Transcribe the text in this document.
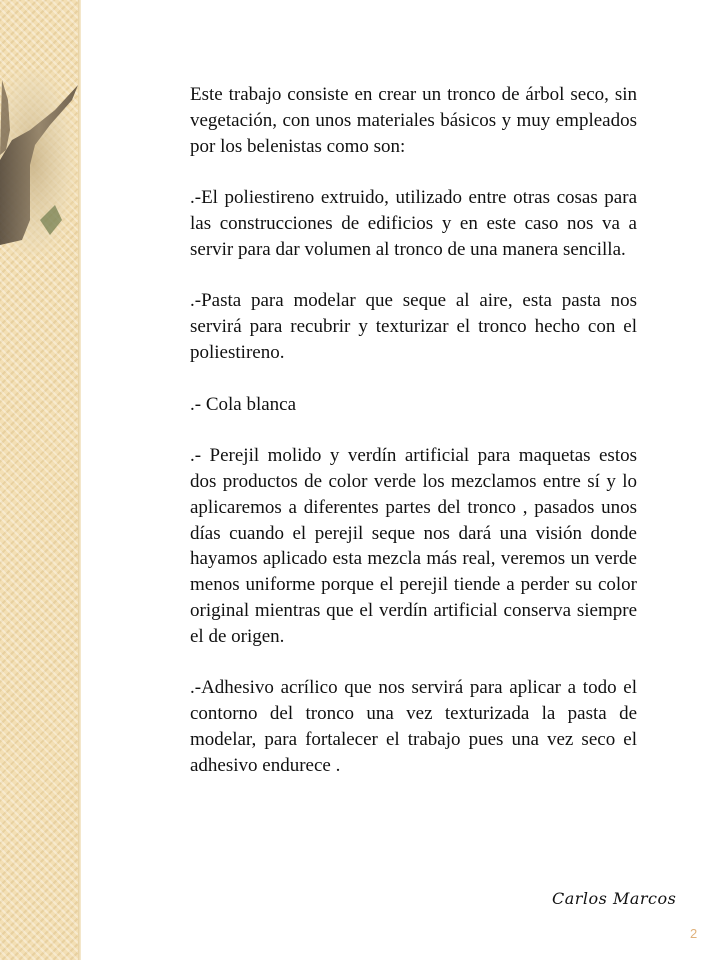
Este trabajo consiste en crear un tronco de árbol seco, sin vegetación, con unos materiales básicos y muy empleados por los belenistas como son:

.-El poliestireno extruido, utilizado entre otras cosas para las construcciones de edificios y en este caso nos va a servir para dar volumen al tronco de una manera sencilla.

.-Pasta para modelar que seque al aire, esta pasta nos servirá para recubrir y texturizar el tronco hecho con el poliestireno.

.- Cola blanca

.- Perejil molido y verdín artificial para maquetas estos dos productos de color verde los mezclamos entre sí y lo aplicaremos a diferentes partes del tronco , pasados unos días cuando el perejil seque nos dará una visión donde hayamos aplicado esta mezcla más real, veremos un verde menos uniforme porque el perejil tiende a perder su color original mientras que el verdín artificial conserva siempre el de origen.

.-Adhesivo acrílico que nos servirá para aplicar a todo el contorno del tronco una vez texturizada la pasta de modelar, para fortalecer el trabajo pues una vez seco el adhesivo endurece .

Carlos Marcos
2
